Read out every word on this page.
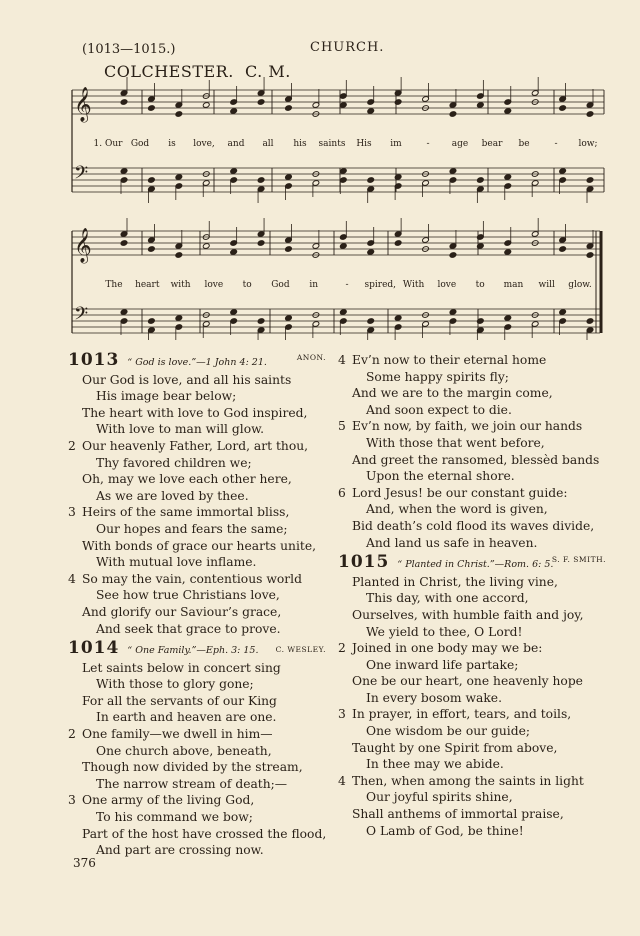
(1013—1015.)	CHURCH.
COLCHESTER. C. M.
𝄞
𝄢
1. Our God is love, and all his saints His im	- age bear be	- low;
𝄞
𝄢
The heart with love to God in	- spired, With love to man will glow.
1013 “ God is love.”—1 John 4: 21.	ANON.
Our God is love, and all his saints
His image bear below;
The heart with love to God inspired,
With love to man will glow.
2 Our heavenly Father, Lord, art thou,
Thy favored children we;
Oh, may we love each other here,
As we are loved by thee.
3 Heirs of the same immortal bliss,
Our hopes and fears the same;
With bonds of grace our hearts unite,
With mutual love inflame.
4 So may the vain, contentious world
See how true Christians love,
And glorify our Saviour’s grace,
And seek that grace to prove.
1014 “ One Family.”—Eph. 3: 15. C. WESLEY.
Let saints below in concert sing
With those to glory gone;
For all the servants of our King
In earth and heaven are one.
2 One family—we dwell in him—
One church above, beneath,
Though now divided by the stream,
The narrow stream of death;—
3 One army of the living God,
To his command we bow;
Part of the host have crossed the flood,
And part are crossing now.
4 Ev’n now to their eternal home
Some happy spirits fly;
And we are to the margin come,
And soon expect to die.
5 Ev’n now, by faith, we join our hands
With those that went before,
And greet the ransomed, blessèd bands
Upon the eternal shore.
6 Lord Jesus! be our constant guide:
And, when the word is given,
Bid death’s cold flood its waves divide,
And land us safe in heaven.
1015 “ Planted in Christ.”—Rom. 6: 5.
S. F. SMITH.
Planted in Christ, the living vine,
This day, with one accord,
Ourselves, with humble faith and joy,
We yield to thee, O Lord!
2 Joined in one body may we be:
One inward life partake;
One be our heart, one heavenly hope
In every bosom wake.
3 In prayer, in effort, tears, and toils,
One wisdom be our guide;
Taught by one Spirit from above,
In thee may we abide.
4 Then, when among the saints in light
Our joyful spirits shine,
Shall anthems of immortal praise,
O Lamb of God, be thine!
376
